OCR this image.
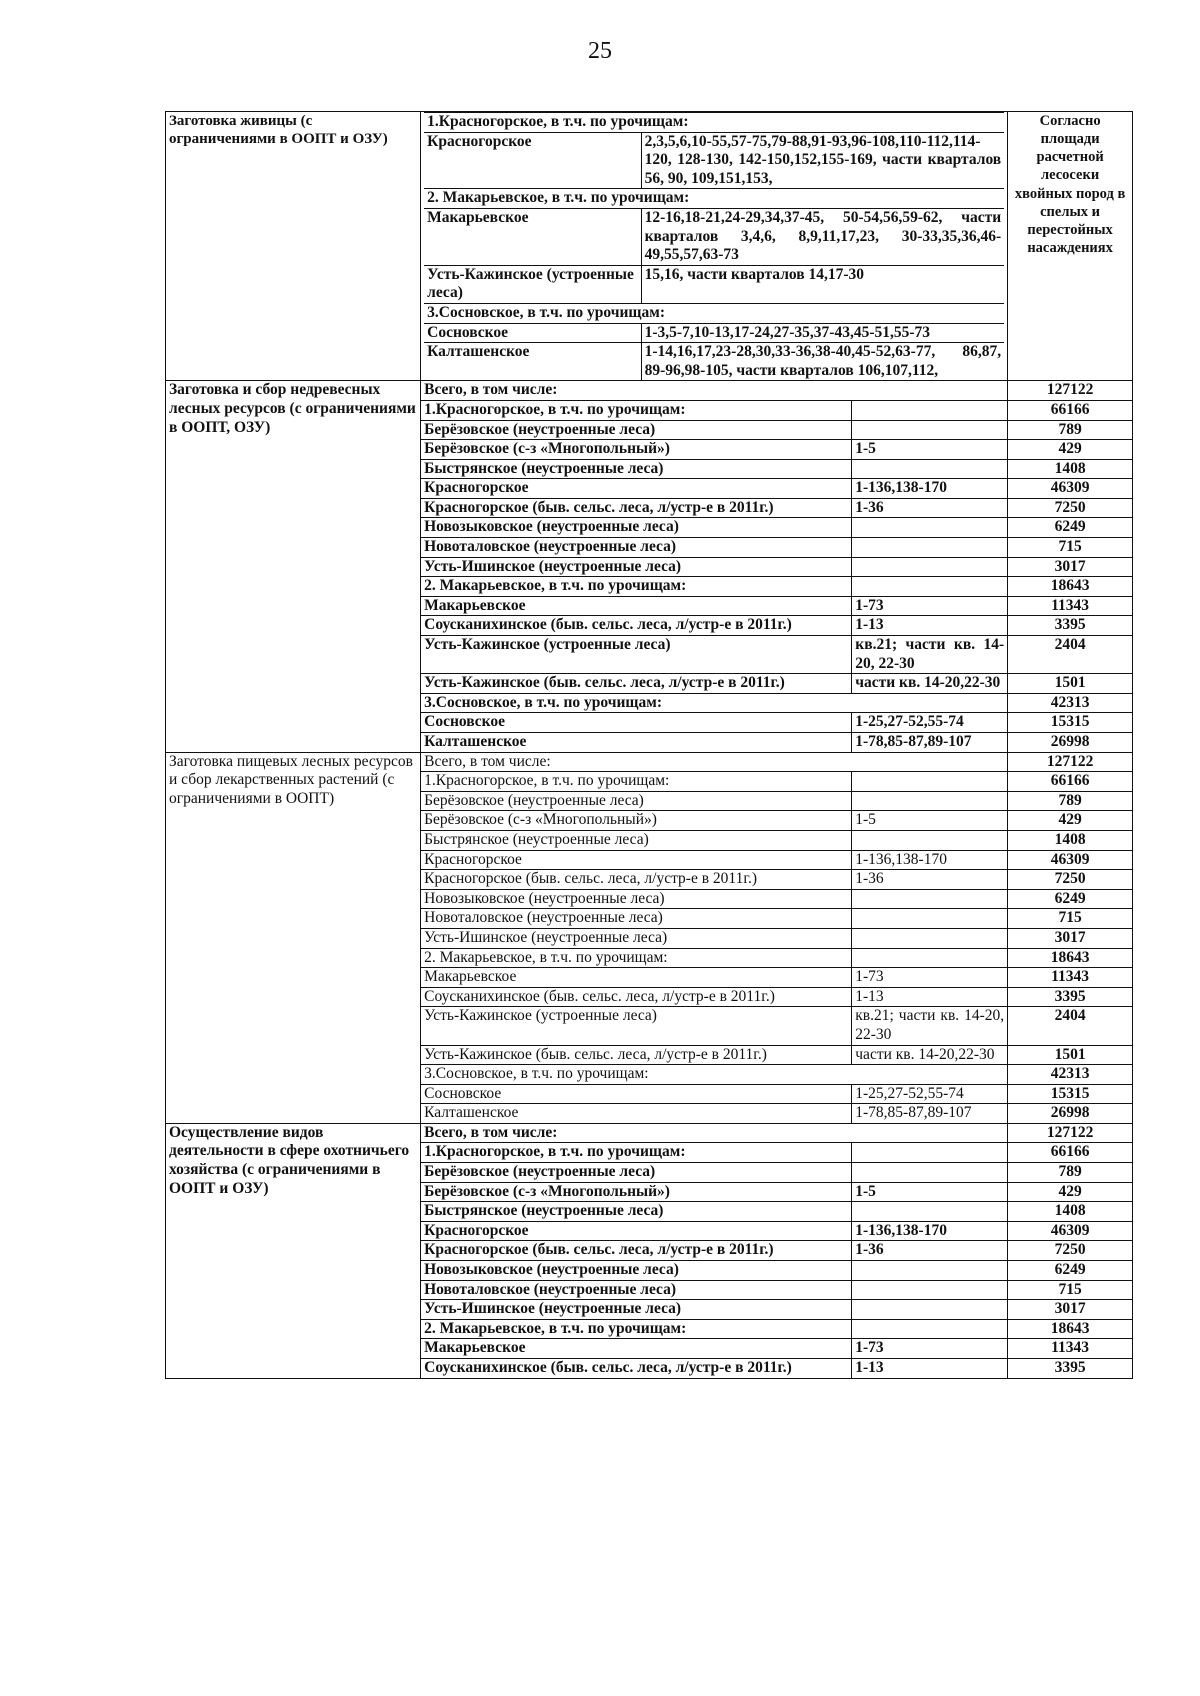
25
Заготовка живицы (с ограничениями в ООПТ и ОЗУ)	
1.Красногорское, в т.ч. по урочищам:
Красногорское	2,3,5,6,10-55,57-75,79-88,91-93,96-108,110-112,114-120, 128-130, 142-150,152,155-169, части кварталов 56, 90, 109,151,153,
2. Макарьевское, в т.ч. по урочищам:
Макарьевское	12-16,18-21,24-29,34,37-45, 50-54,56,59-62, части кварталов 3,4,6, 8,9,11,17,23, 30-33,35,36,46-49,55,57,63-73
Усть-Кажинское (устроенные леса)	15,16, части кварталов 14,17-30
3.Сосновское, в т.ч. по урочищам:
Сосновское	1-3,5-7,10-13,17-24,27-35,37-43,45-51,55-73
Калташенское	1-14,16,17,23-28,30,33-36,38-40,45-52,63-77, 86,87, 89-96,98-105, части кварталов 106,107,112,
	Согласно площади расчетной лесосеки хвойных пород в спелых и перестойных насаждениях
Заготовка и сбор недревесных лесных ресурсов (с ограничениями в ООПТ, ОЗУ)	Всего, в том числе:	127122
1.Красногорское, в т.ч. по урочищам:		66166
Берёзовское (неустроенные леса)		789
Берёзовское (с-з «Многопольный»)	1-5	429
Быстрянское (неустроенные леса)		1408
Красногорское	1-136,138-170	46309
Красногорское (быв. сельс. леса, л/устр-е в 2011г.)	1-36	7250
Новозыковское (неустроенные леса)		6249
Новоталовское (неустроенные леса)		715
Усть-Ишинское (неустроенные леса)		3017
2. Макарьевское, в т.ч. по урочищам:		18643
Макарьевское	1-73	11343
Соусканихинское (быв. сельс. леса, л/устр-е в 2011г.)	1-13	3395
Усть-Кажинское (устроенные леса)	кв.21; части кв. 14-20, 22-30	2404
Усть-Кажинское (быв. сельс. леса, л/устр-е в 2011г.)	части кв. 14-20,22-30	1501
3.Сосновское, в т.ч. по урочищам:	42313
Сосновское	1-25,27-52,55-74	15315
Калташенское	1-78,85-87,89-107	26998
Заготовка пищевых лесных ресурсов и сбор лекарственных растений (с ограничениями в ООПТ)	Всего, в том числе:	127122
1.Красногорское, в т.ч. по урочищам:		66166
Берёзовское (неустроенные леса)		789
Берёзовское (с-з «Многопольный»)	1-5	429
Быстрянское (неустроенные леса)		1408
Красногорское	1-136,138-170	46309
Красногорское (быв. сельс. леса, л/устр-е в 2011г.)	1-36	7250
Новозыковское (неустроенные леса)		6249
Новоталовское (неустроенные леса)		715
Усть-Ишинское (неустроенные леса)		3017
2. Макарьевское, в т.ч. по урочищам:		18643
Макарьевское	1-73	11343
Соусканихинское (быв. сельс. леса, л/устр-е в 2011г.)	1-13	3395
Усть-Кажинское (устроенные леса)	кв.21; части кв. 14-20, 22-30	2404
Усть-Кажинское (быв. сельс. леса, л/устр-е в 2011г.)	части кв. 14-20,22-30	1501
3.Сосновское, в т.ч. по урочищам:	42313
Сосновское	1-25,27-52,55-74	15315
Калташенское	1-78,85-87,89-107	26998
Осуществление видов деятельности в сфере охотничьего хозяйства (с ограничениями в ООПТ и ОЗУ)	Всего, в том числе:	127122
1.Красногорское, в т.ч. по урочищам:		66166
Берёзовское (неустроенные леса)		789
Берёзовское (с-з «Многопольный»)	1-5	429
Быстрянское (неустроенные леса)		1408
Красногорское	1-136,138-170	46309
Красногорское (быв. сельс. леса, л/устр-е в 2011г.)	1-36	7250
Новозыковское (неустроенные леса)		6249
Новоталовское (неустроенные леса)		715
Усть-Ишинское (неустроенные леса)		3017
2. Макарьевское, в т.ч. по урочищам:		18643
Макарьевское	1-73	11343
Соусканихинское (быв. сельс. леса, л/устр-е в 2011г.)	1-13	3395
